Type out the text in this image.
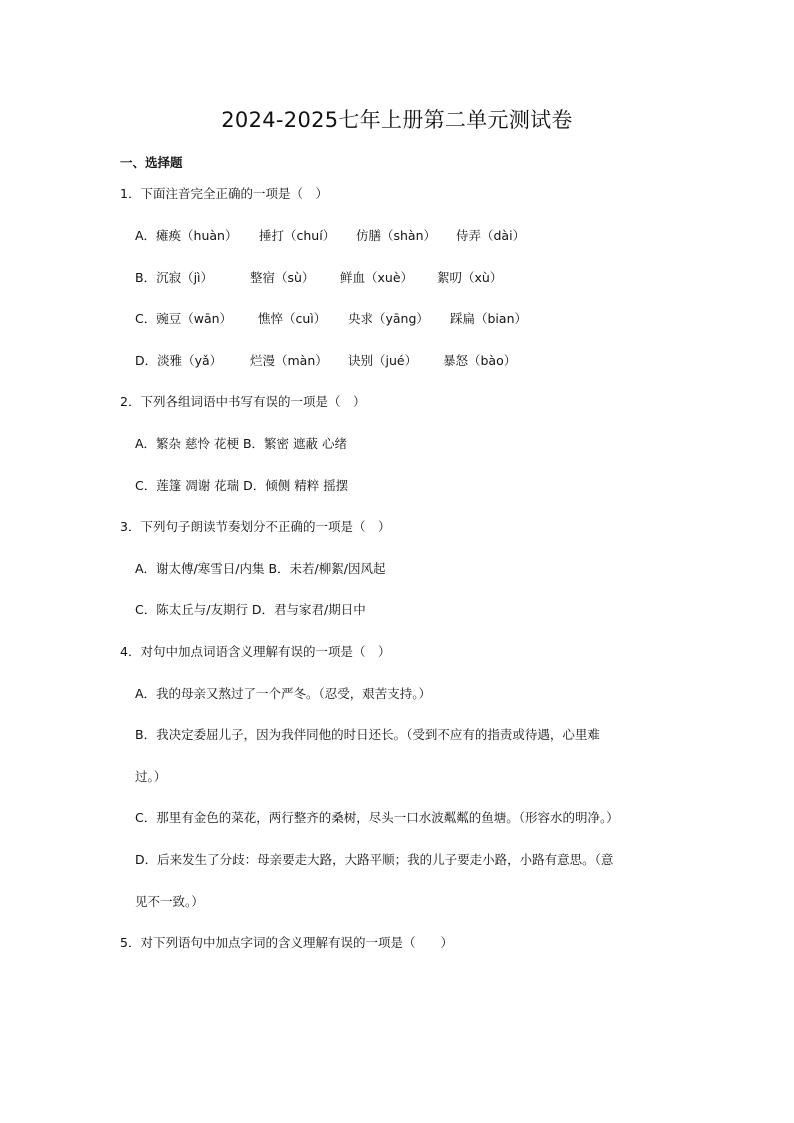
2024-2025七年上册第二单元测试卷
一、选择题
1．下面注音完全正确的一项是（　）
A．瘫痪（huàn） 捶打（chuí） 仿膳（shàn） 侍弄（dài）
B．沉寂（jì）	整宿（sù） 鲜血（xuè） 絮叨（xù）
C．豌豆（wān） 憔悴（cuì） 央求（yāng） 踩扁（bian）
D．淡雅（yǎ） 烂漫（màn） 诀别（jué） 暴怒（bào）
2．下列各组词语中书写有误的一项是（　）
A．繁杂 慈怜 花梗 B．繁密 遮蔽 心绪
C．莲篷 凋谢 花瑞 D．倾侧 精粹 摇摆
3．下列句子朗读节奏划分不正确的一项是（　）
A．谢太傅/寒雪日/内集 B．未若/柳絮/因风起
C．陈太丘与/友期行 D．君与家君/期日中
4．对句中加点词语含义理解有误的一项是（　）
A．我的母亲又熬过了一个严冬。（忍受，艰苦支持。）
B．我决定委屈儿子，因为我伴同他的时日还长。（受到不应有的指责或待遇，心里难
过。）
C．那里有金色的菜花，两行整齐的桑树，尽头一口水波粼粼的鱼塘。（形容水的明净。）
D．后来发生了分歧：母亲要走大路，大路平顺；我的儿子要走小路，小路有意思。（意
见不一致。）
5．对下列语句中加点字词的含义理解有误的一项是（　　）
